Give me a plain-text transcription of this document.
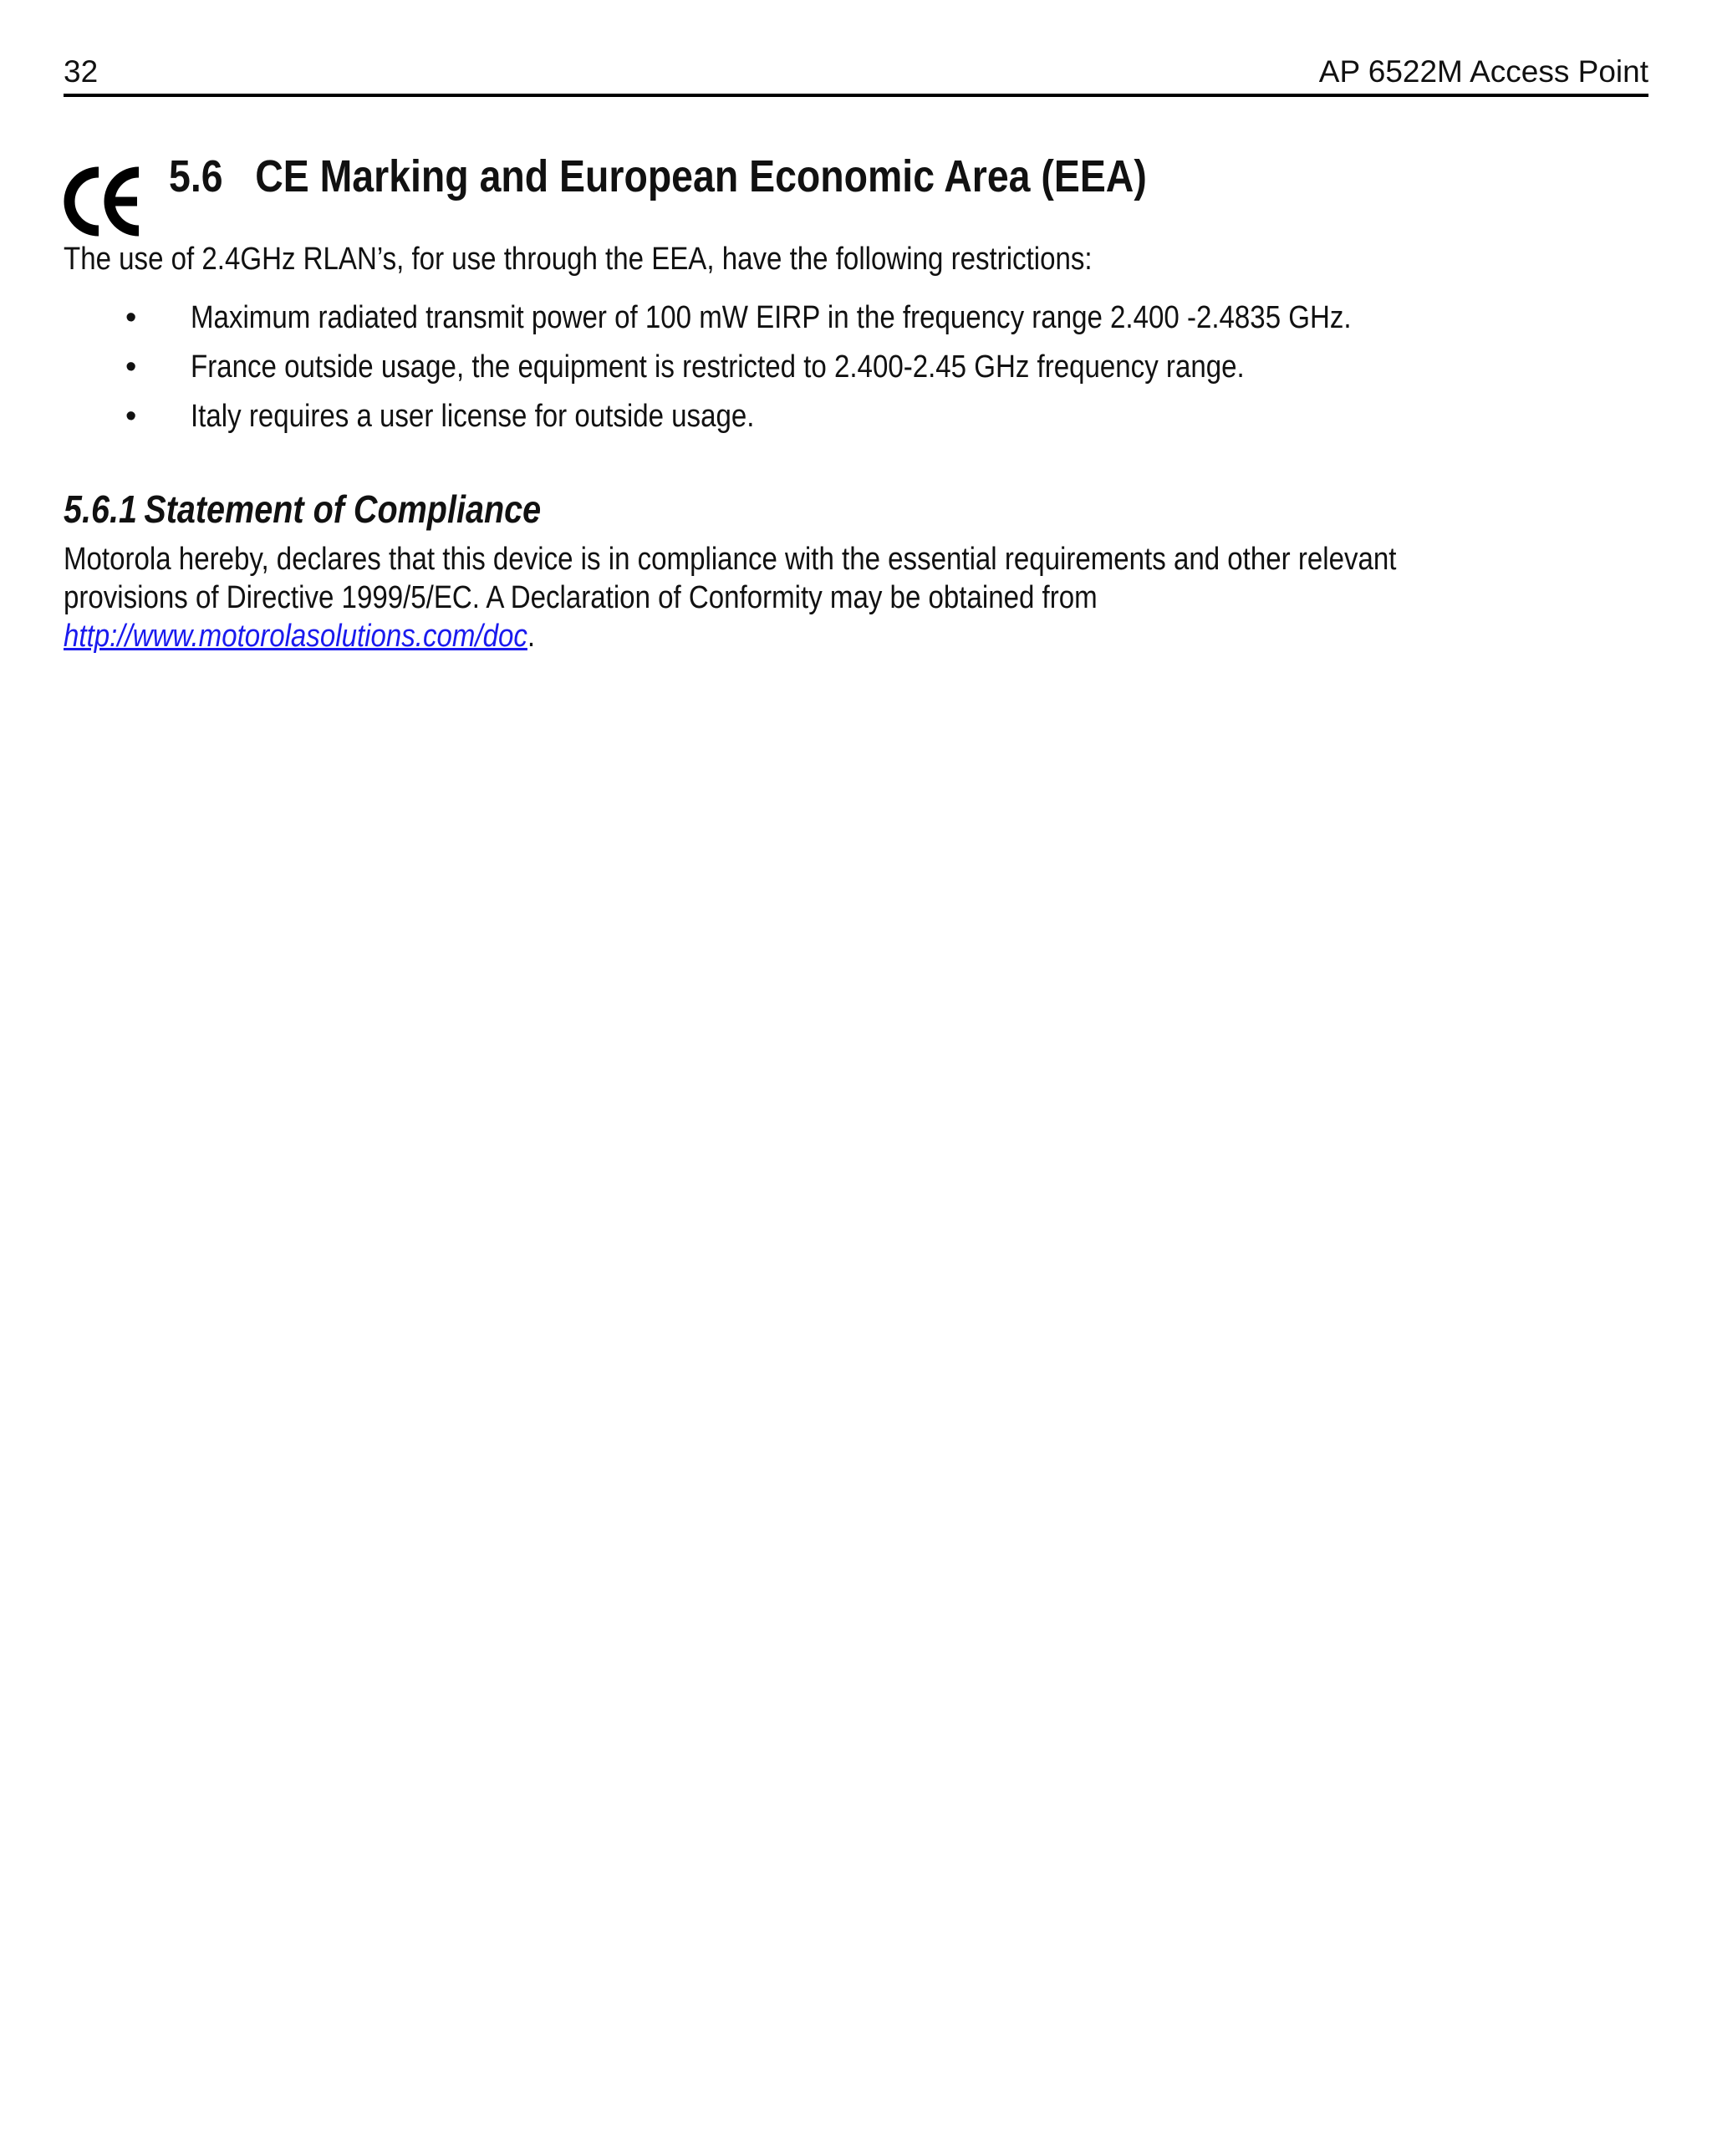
32	AP 6522M Access Point
5.6 CE Marking and European Economic Area (EEA)
The use of 2.4GHz RLAN’s, for use through the EEA, have the following restrictions:
•	Maximum radiated transmit power of 100 mW EIRP in the frequency range 2.400 -2.4835 GHz.
•	France outside usage, the equipment is restricted to 2.400-2.45 GHz frequency range.
•	Italy requires a user license for outside usage.
5.6.1 Statement of Compliance
Motorola hereby, declares that this device is in compliance with the essential requirements and other relevant
provisions of Directive 1999/5/EC. A Declaration of Conformity may be obtained from
http://www.motorolasolutions.com/doc.
